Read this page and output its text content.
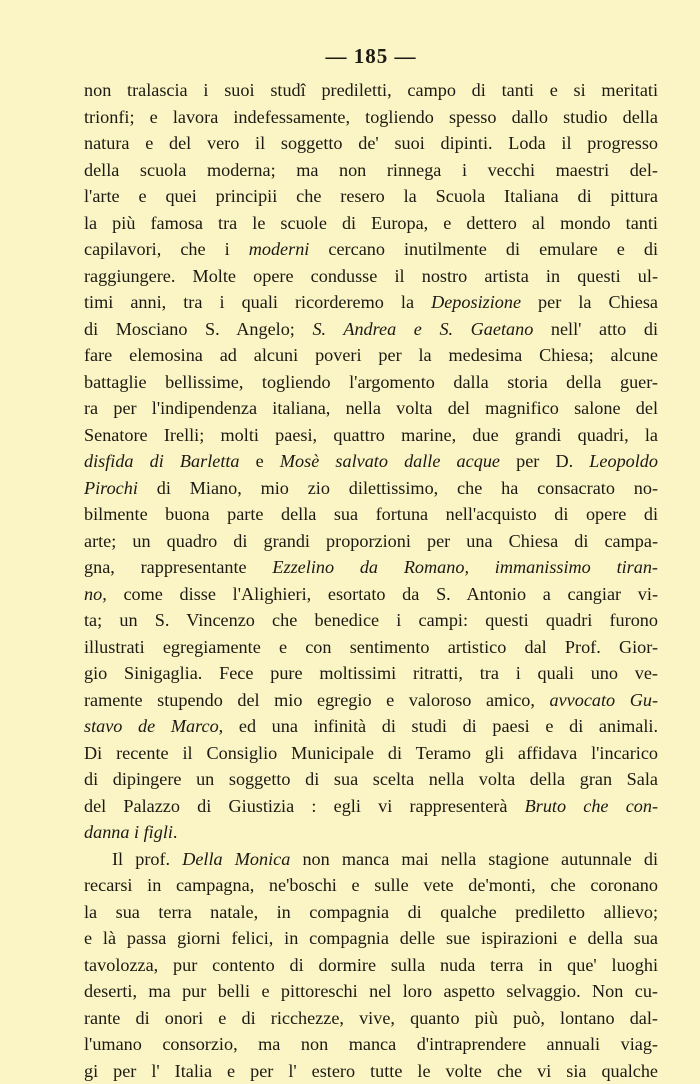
— 185 —
non tralascia i suoi studî prediletti, campo di tanti e si meritati
trionfi; e lavora indefessamente, togliendo spesso dallo studio della
natura e del vero il soggetto de' suoi dipinti. Loda il progresso
della scuola moderna; ma non rinnega i vecchi maestri del-
l'arte e quei principii che resero la Scuola Italiana di pittura
la più famosa tra le scuole di Europa, e dettero al mondo tanti
capilavori, che i moderni cercano inutilmente di emulare e di
raggiungere. Molte opere condusse il nostro artista in questi ul-
timi anni, tra i quali ricorderemo la Deposizione per la Chiesa
di Mosciano S. Angelo; S. Andrea e S. Gaetano nell' atto di
fare elemosina ad alcuni poveri per la medesima Chiesa; alcune
battaglie bellissime, togliendo l'argomento dalla storia della guer-
ra per l'indipendenza italiana, nella volta del magnifico salone del
Senatore Irelli; molti paesi, quattro marine, due grandi quadri, la
disfida di Barletta e Mosè salvato dalle acque per D. Leopoldo
Pirochi di Miano, mio zio dilettissimo, che ha consacrato no-
bilmente buona parte della sua fortuna nell'acquisto di opere di
arte; un quadro di grandi proporzioni per una Chiesa di campa-
gna, rappresentante Ezzelino da Romano, immanissimo tiran-
no, come disse l'Alighieri, esortato da S. Antonio a cangiar vi-
ta; un S. Vincenzo che benedice i campi: questi quadri furono
illustrati egregiamente e con sentimento artistico dal Prof. Gior-
gio Sinigaglia. Fece pure moltissimi ritratti, tra i quali uno ve-
ramente stupendo del mio egregio e valoroso amico, avvocato Gu-
stavo de Marco, ed una infinità di studi di paesi e di animali.
Di recente il Consiglio Municipale di Teramo gli affidava l'incarico
di dipingere un soggetto di sua scelta nella volta della gran Sala
del Palazzo di Giustizia : egli vi rappresenterà Bruto che con-
danna i figli.
Il prof. Della Monica non manca mai nella stagione autunnale di
recarsi in campagna, ne'boschi e sulle vete de'monti, che coronano
la sua terra natale, in compagnia di qualche prediletto allievo;
e là passa giorni felici, in compagnia delle sue ispirazioni e della sua
tavolozza, pur contento di dormire sulla nuda terra in que' luoghi
deserti, ma pur belli e pittoreschi nel loro aspetto selvaggio. Non cu-
rante di onori e di ricchezze, vive, quanto più può, lontano dal-
l'umano consorzio, ma non manca d'intraprendere annuali viag-
gi per l' Italia e per l' estero tutte le volte che vi sia qualche
